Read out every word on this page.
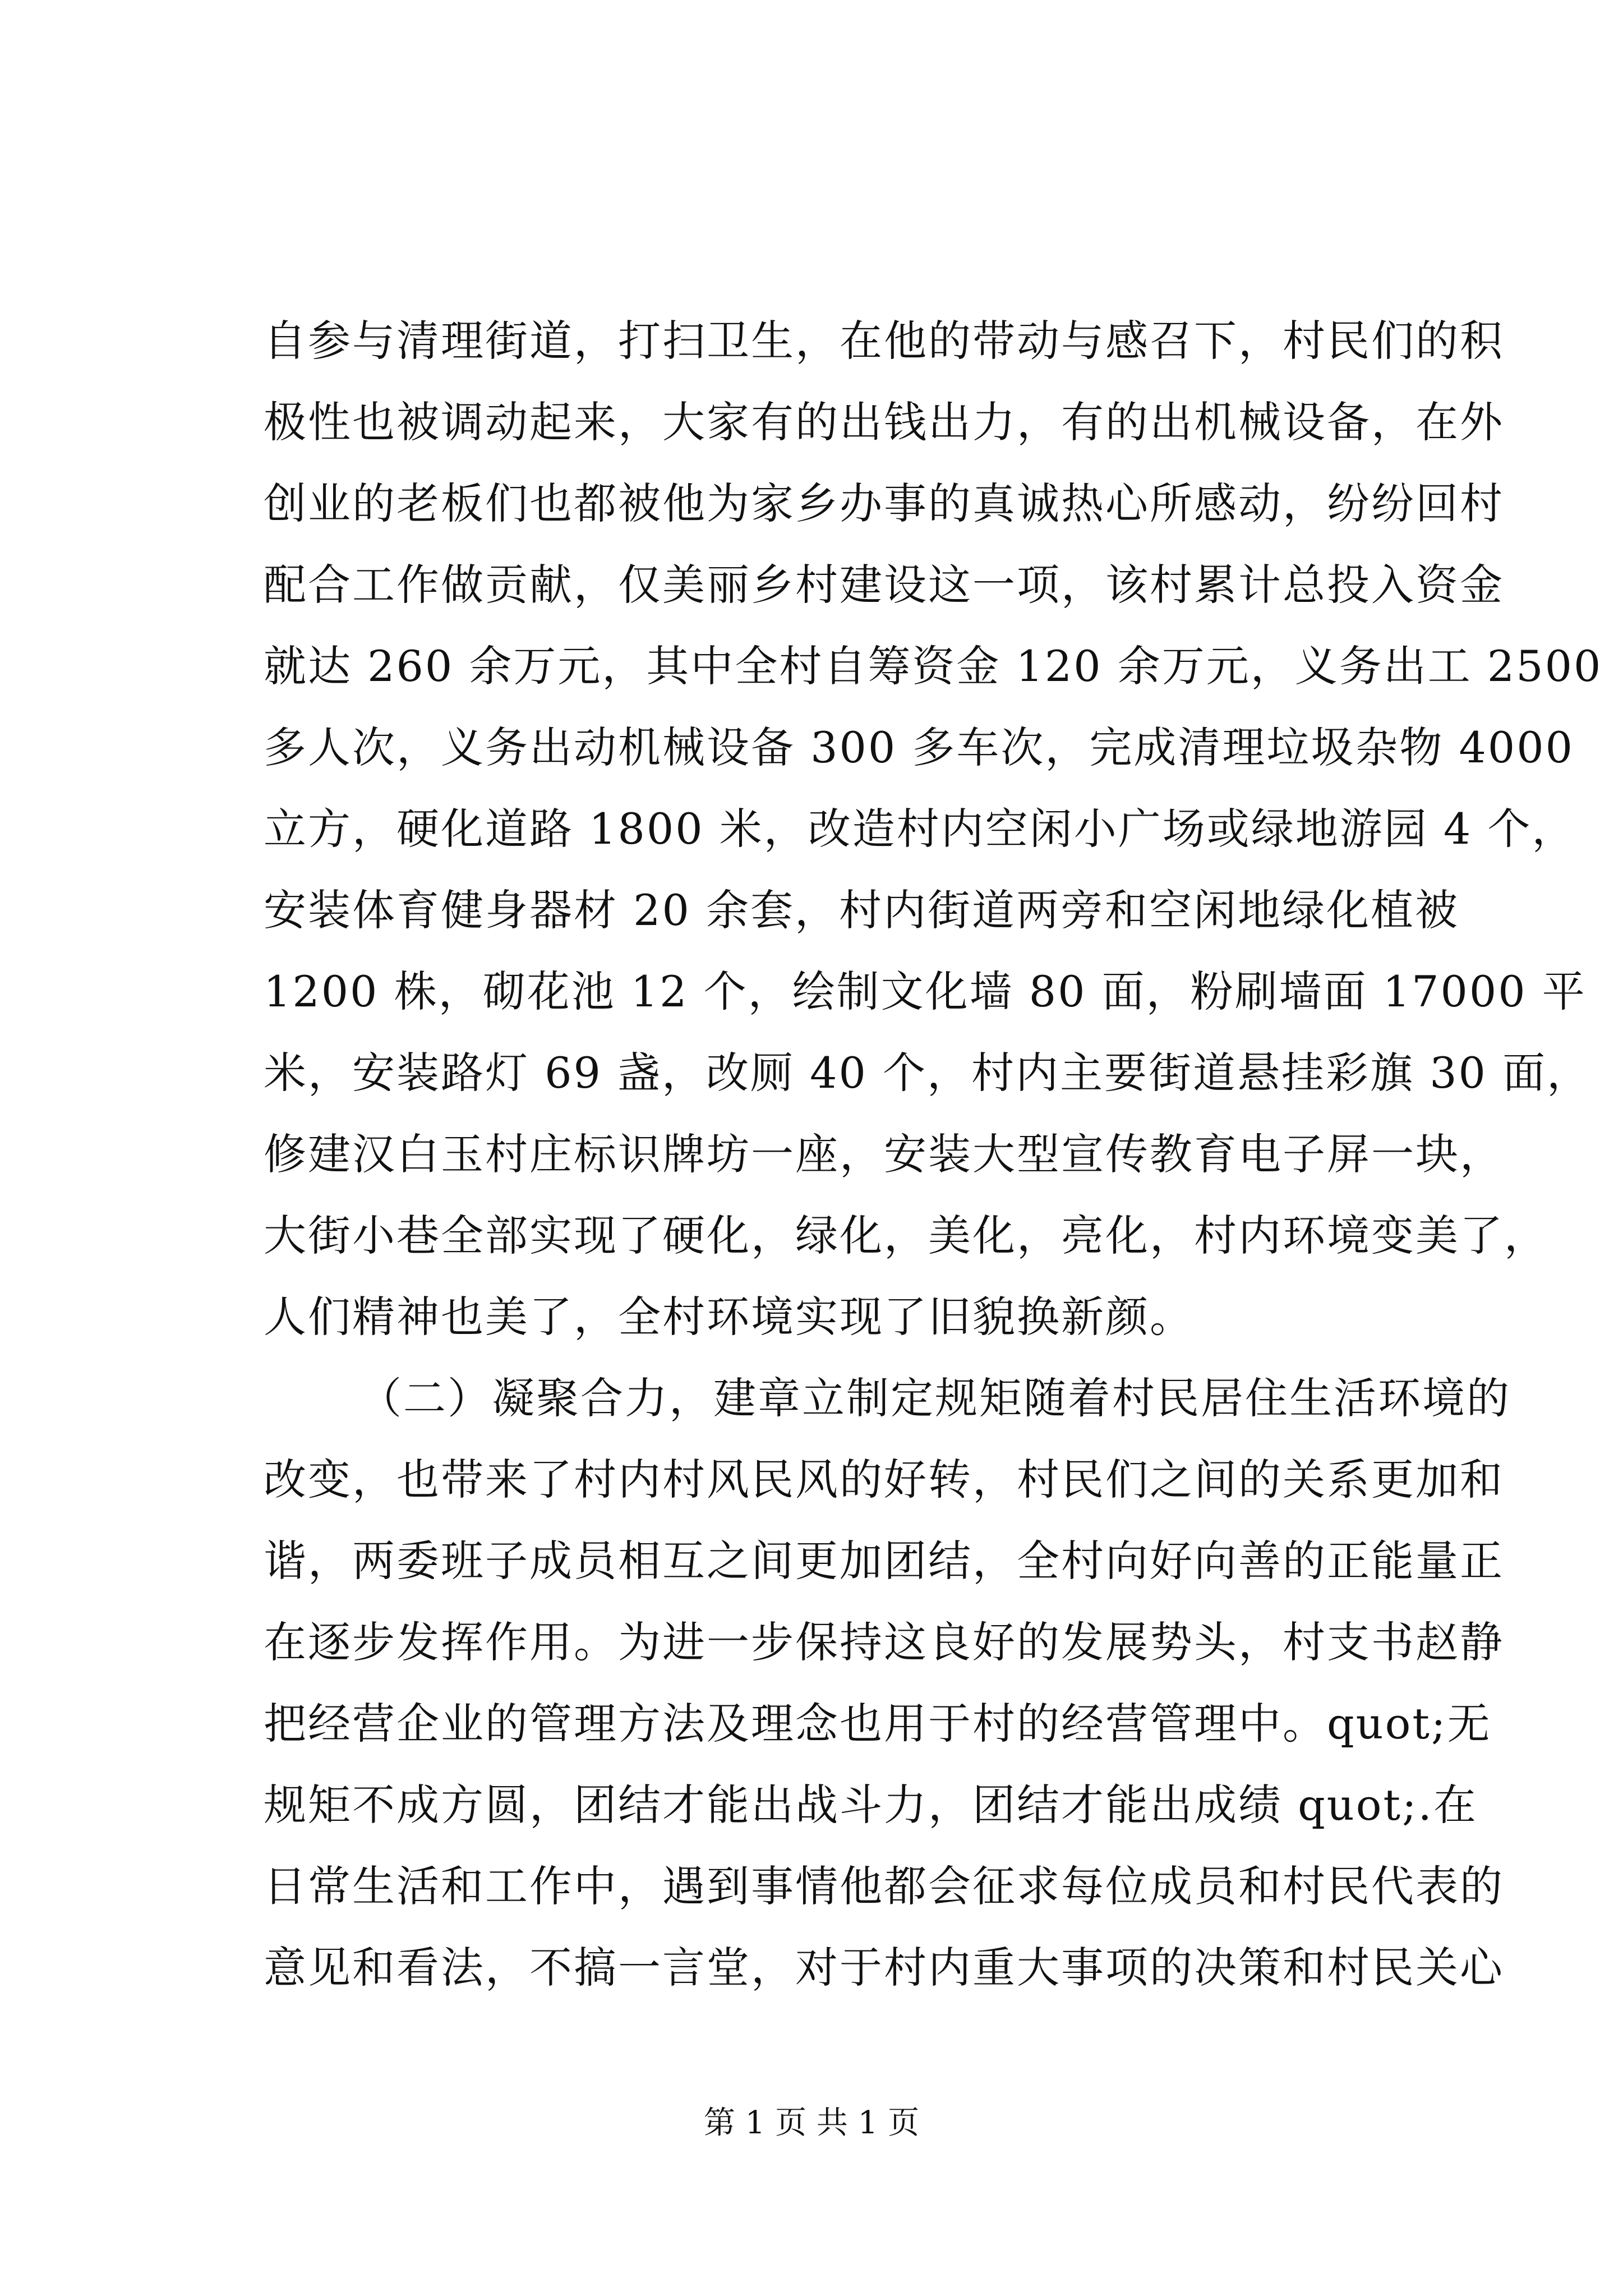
自参与清理街道，打扫卫生，在他的带动与感召下，村民们的积
极性也被调动起来，大家有的出钱出力，有的出机械设备，在外
创业的老板们也都被他为家乡办事的真诚热心所感动，纷纷回村
配合工作做贡献，仅美丽乡村建设这一项，该村累计总投入资金
就达 260 余万元，其中全村自筹资金 120 余万元，义务出工 2500
多人次，义务出动机械设备 300 多车次，完成清理垃圾杂物 4000
立方，硬化道路 1800 米，改造村内空闲小广场或绿地游园 4 个，
安装体育健身器材 20 余套，村内街道两旁和空闲地绿化植被
1200 株，砌花池 12 个，绘制文化墙 80 面，粉刷墙面 17000 平
米，安装路灯 69 盏，改厕 40 个，村内主要街道悬挂彩旗 30 面，
修建汉白玉村庄标识牌坊一座，安装大型宣传教育电子屏一块，
大街小巷全部实现了硬化，绿化，美化，亮化，村内环境变美了，
人们精神也美了，全村环境实现了旧貌换新颜。
（二）凝聚合力，建章立制定规矩随着村民居住生活环境的
改变，也带来了村内村风民风的好转，村民们之间的关系更加和
谐，两委班子成员相互之间更加团结，全村向好向善的正能量正
在逐步发挥作用。为进一步保持这良好的发展势头，村支书赵静
把经营企业的管理方法及理念也用于村的经营管理中。quot;无
规矩不成方圆，团结才能出战斗力，团结才能出成绩 quot;.在
日常生活和工作中，遇到事情他都会征求每位成员和村民代表的
意见和看法，不搞一言堂，对于村内重大事项的决策和村民关心
第 1 页 共 1 页
